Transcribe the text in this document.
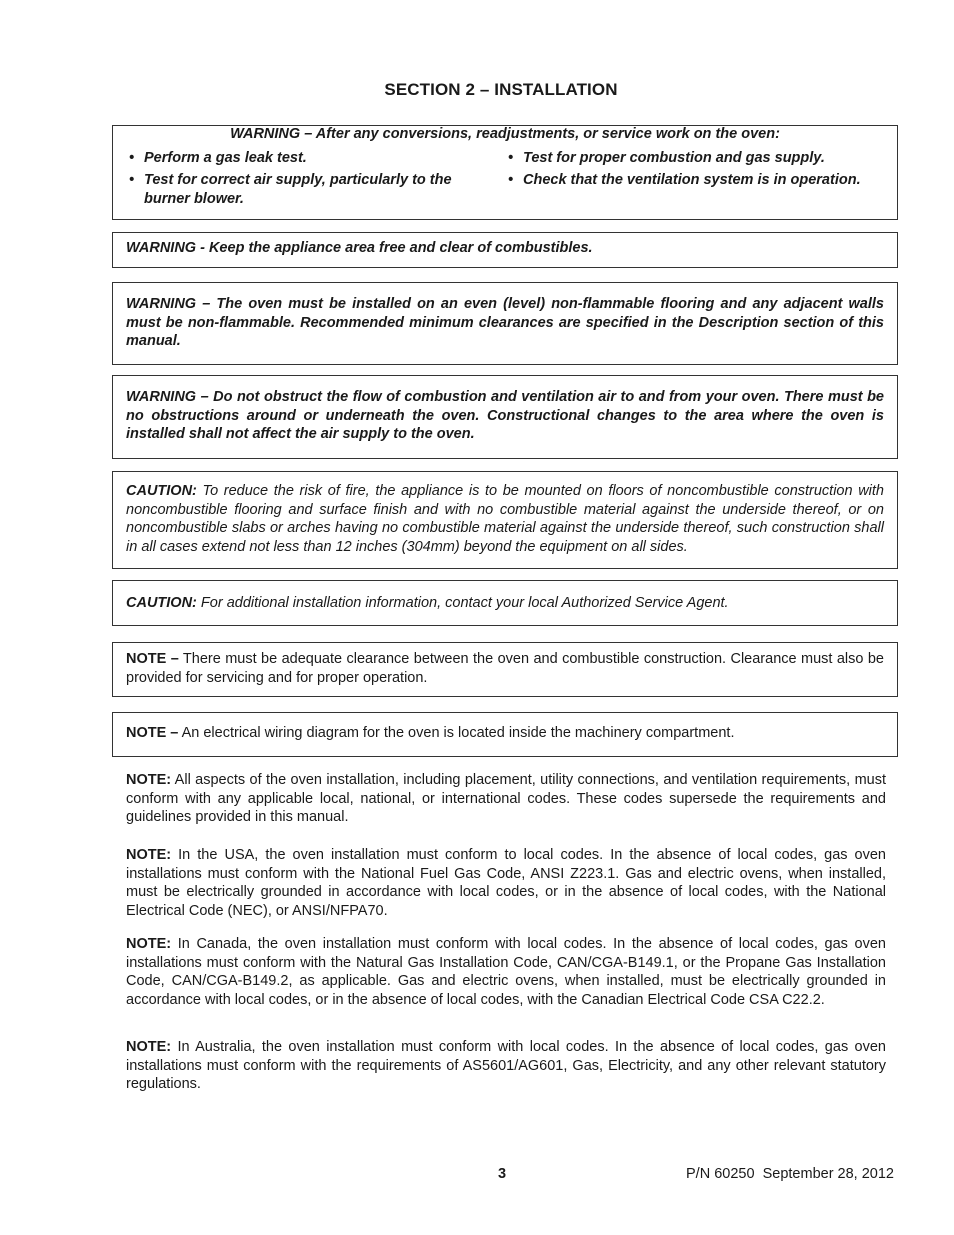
SECTION 2 – INSTALLATION
WARNING – After any conversions, readjustments, or service work on the oven:
• Perform a gas leak test.
• Test for correct air supply, particularly to the burner blower.
• Test for proper combustion and gas supply.
• Check that the ventilation system is in operation.
WARNING - Keep the appliance area free and clear of combustibles.
WARNING – The oven must be installed on an even (level) non-flammable flooring and any adjacent walls must be non-flammable. Recommended minimum clearances are specified in the Description section of this manual.
WARNING – Do not obstruct the flow of combustion and ventilation air to and from your oven. There must be no obstructions around or underneath the oven. Constructional changes to the area where the oven is installed shall not affect the air supply to the oven.
CAUTION: To reduce the risk of fire, the appliance is to be mounted on floors of noncombustible construction with noncombustible flooring and surface finish and with no combustible material against the underside thereof, or on noncombustible slabs or arches having no combustible material against the underside thereof, such construction shall in all cases extend not less than 12 inches (304mm) beyond the equipment on all sides.
CAUTION: For additional installation information, contact your local Authorized Service Agent.
NOTE – There must be adequate clearance between the oven and combustible construction. Clearance must also be provided for servicing and for proper operation.
NOTE – An electrical wiring diagram for the oven is located inside the machinery compartment.
NOTE: All aspects of the oven installation, including placement, utility connections, and ventilation requirements, must conform with any applicable local, national, or international codes. These codes supersede the requirements and guidelines provided in this manual.
NOTE: In the USA, the oven installation must conform to local codes. In the absence of local codes, gas oven installations must conform with the National Fuel Gas Code, ANSI Z223.1. Gas and electric ovens, when installed, must be electrically grounded in accordance with local codes, or in the absence of local codes, with the National Electrical Code (NEC), or ANSI/NFPA70.
NOTE: In Canada, the oven installation must conform with local codes. In the absence of local codes, gas oven installations must conform with the Natural Gas Installation Code, CAN/CGA-B149.1, or the Propane Gas Installation Code, CAN/CGA-B149.2, as applicable. Gas and electric ovens, when installed, must be electrically grounded in accordance with local codes, or in the absence of local codes, with the Canadian Electrical Code CSA C22.2.
NOTE: In Australia, the oven installation must conform with local codes. In the absence of local codes, gas oven installations must conform with the requirements of AS5601/AG601, Gas, Electricity, and any other relevant statutory regulations.
3	P/N 60250  September 28, 2012
